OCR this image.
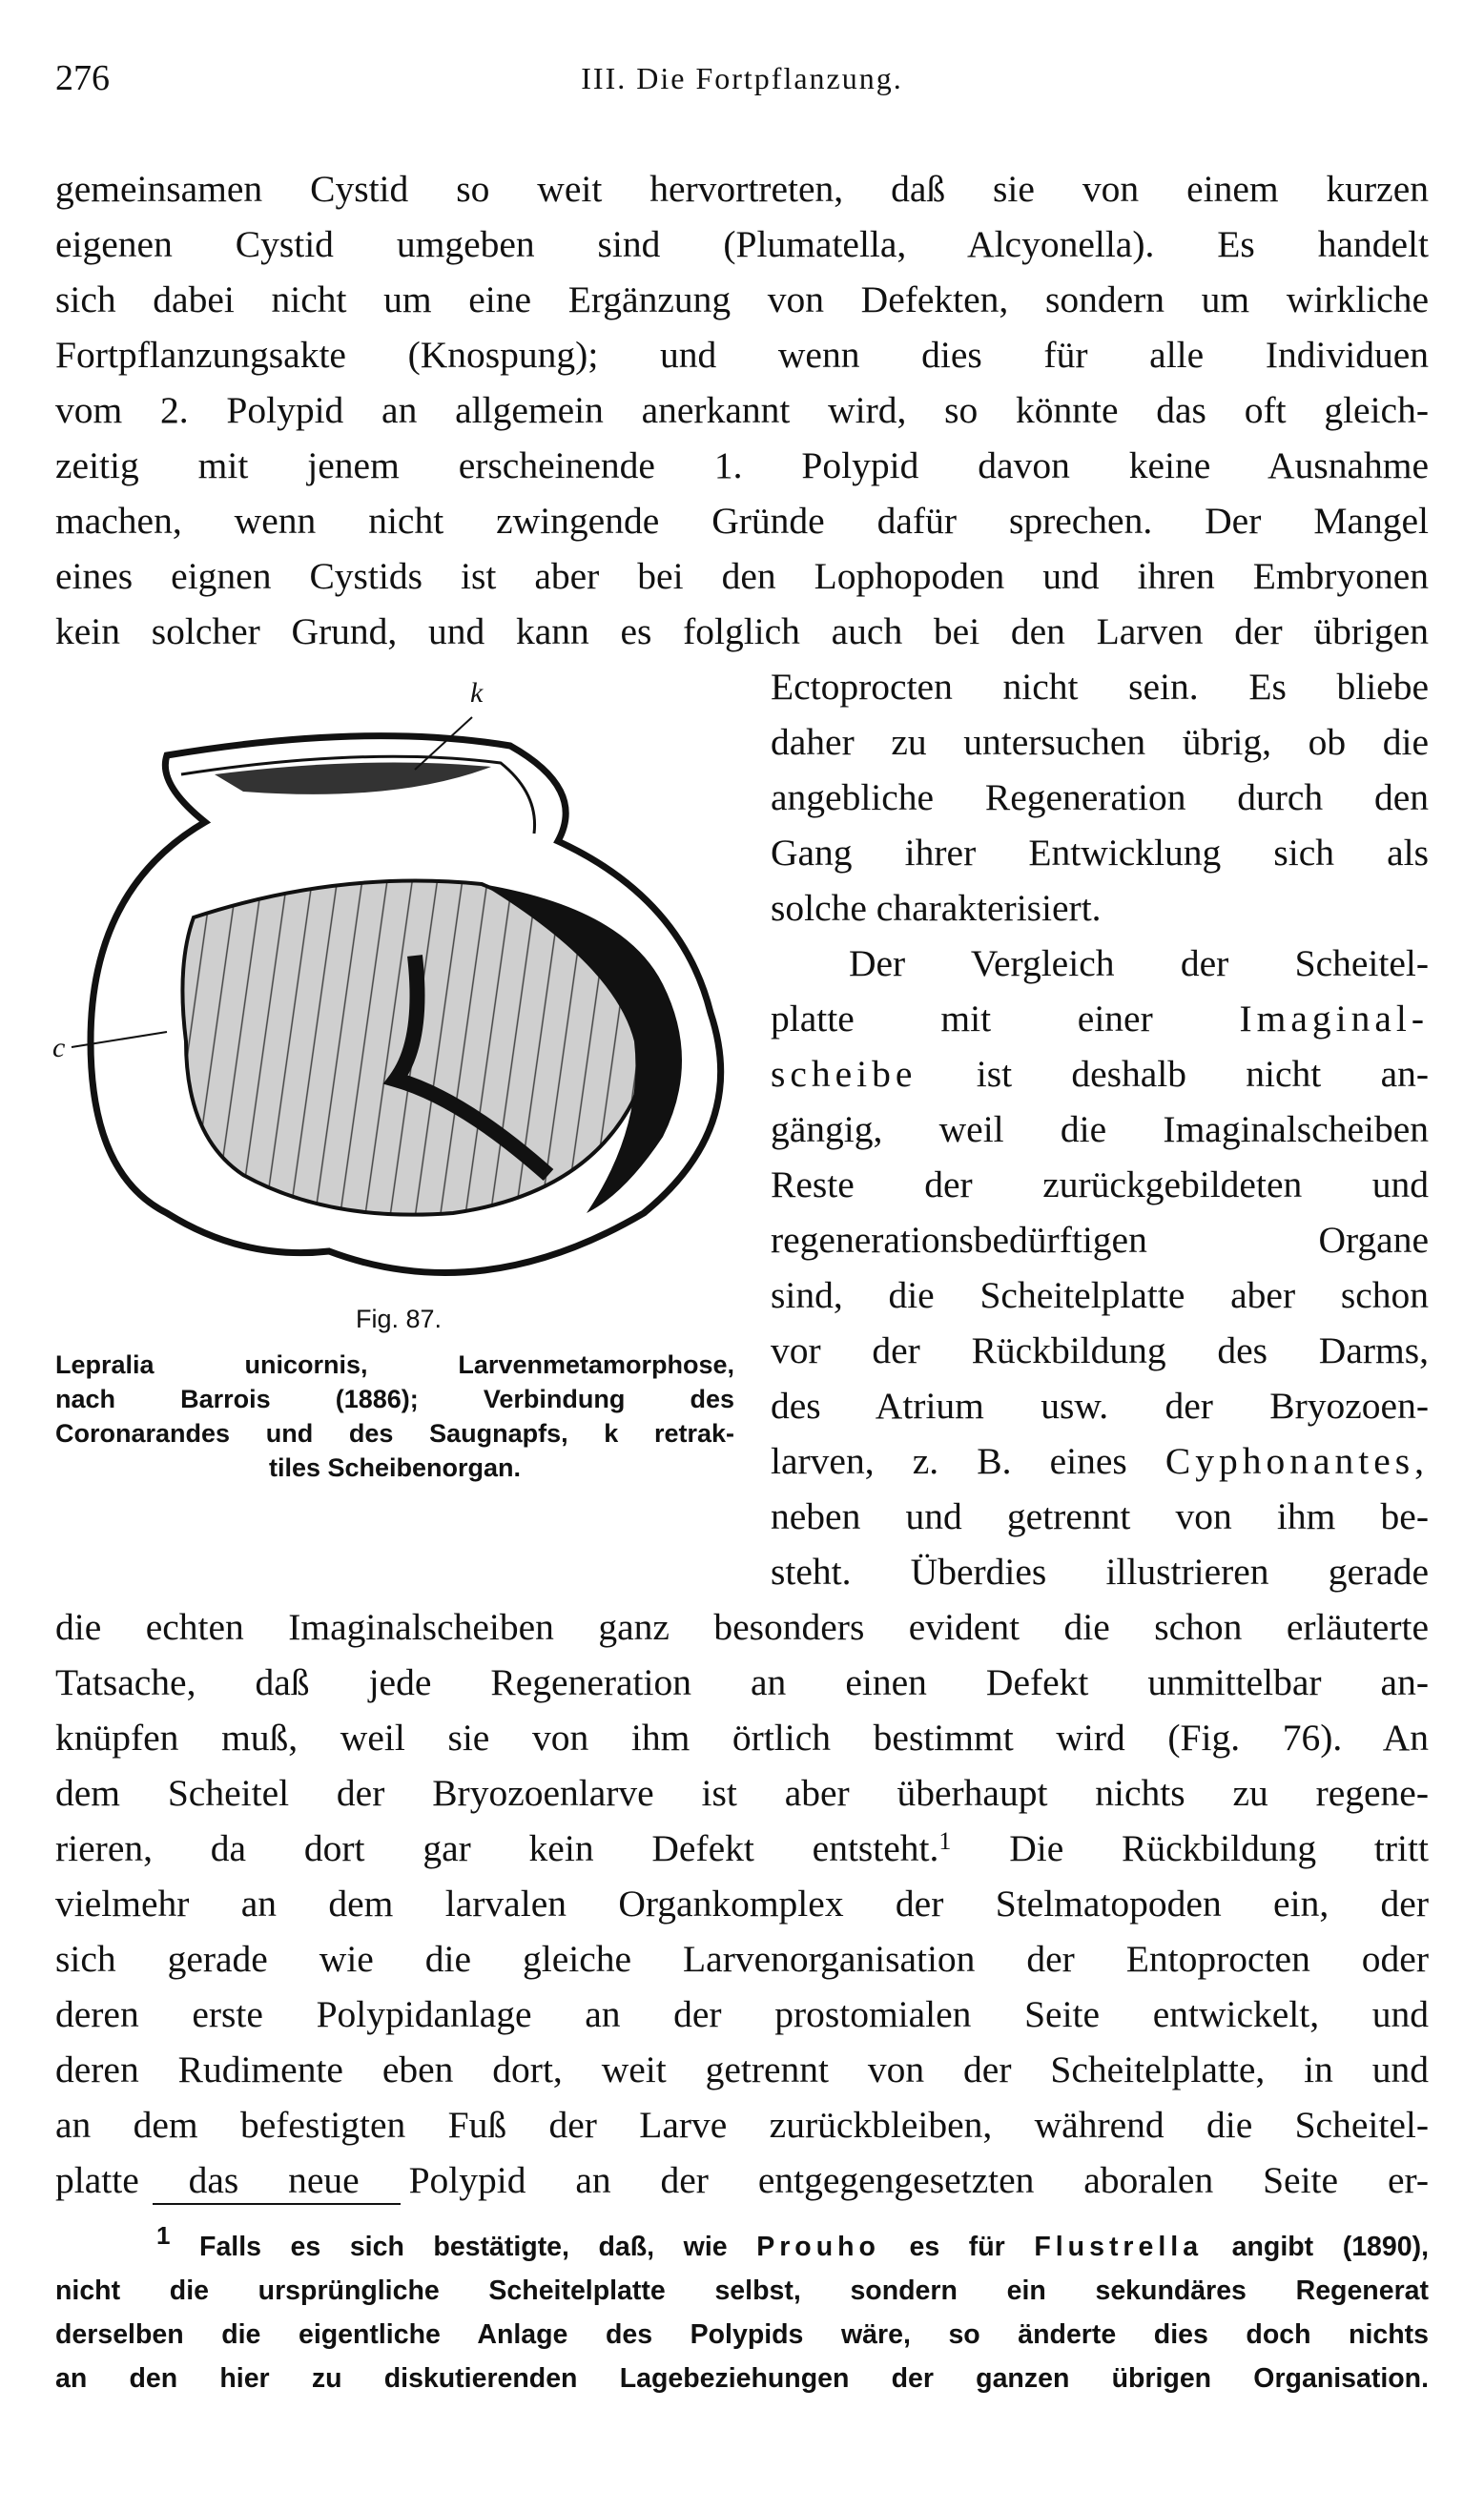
276	III. Die Fortpflanzung.
gemeinsamen Cystid so weit hervortreten, daß sie von einem kurzen
eigenen Cystid umgeben sind (Plumatella, Alcyonella). Es handelt
sich dabei nicht um eine Ergänzung von Defekten, sondern um wirkliche
Fortpflanzungsakte (Knospung); und wenn dies für alle Individuen
vom 2. Polypid an allgemein anerkannt wird, so könnte das oft gleich-
zeitig mit jenem erscheinende 1. Polypid davon keine Ausnahme
machen, wenn nicht zwingende Gründe dafür sprechen. Der Mangel
eines eignen Cystids ist aber bei den Lophopoden und ihren Embryonen
kein solcher Grund, und kann es folglich auch bei den Larven der übrigen
Ectoprocten nicht sein. Es bliebe
daher zu untersuchen übrig, ob die
angebliche Regeneration durch den
Gang ihrer Entwicklung sich als
solche charakterisiert.
Der Vergleich der Scheitel-
platte mit einer Imaginal-
scheibe ist deshalb nicht an-
gängig, weil die Imaginalscheiben
Reste der zurückgebildeten und
regenerationsbedürftigen Organe
sind, die Scheitelplatte aber schon
vor der Rückbildung des Darms,
des Atrium usw. der Bryozoen-
larven, z. B. eines Cyphonantes,
neben und getrennt von ihm be-
steht. Überdies illustrieren gerade
k
c
Fig. 87.
Lepralia unicornis, Larvenmetamorphose,
nach Barrois (1886); Verbindung des
Coronarandes und des Saugnapfs, k retrak-
tiles Scheibenorgan.
die echten Imaginalscheiben ganz besonders evident die schon erläuterte
Tatsache, daß jede Regeneration an einen Defekt unmittelbar an-
knüpfen muß, weil sie von ihm örtlich bestimmt wird (Fig. 76). An
dem Scheitel der Bryozoenlarve ist aber überhaupt nichts zu regene-
rieren, da dort gar kein Defekt entsteht.$^1$ Die Rückbildung tritt
vielmehr an dem larvalen Organkomplex der Stelmatopoden ein, der
sich gerade wie die gleiche Larvenorganisation der Entoprocten oder
deren erste Polypidanlage an der prostomialen Seite entwickelt, und
deren Rudimente eben dort, weit getrennt von der Scheitelplatte, in und
an dem befestigten Fuß der Larve zurückbleiben, während die Scheitel-
platte das neue Polypid an der entgegengesetzten aboralen Seite er-
1 Falls es sich bestätigte, daß, wie Prouho es für Flustrella angibt (1890),
nicht die ursprüngliche Scheitelplatte selbst, sondern ein sekundäres Regenerat
derselben die eigentliche Anlage des Polypids wäre, so änderte dies doch nichts
an den hier zu diskutierenden Lagebeziehungen der ganzen übrigen Organisation.
